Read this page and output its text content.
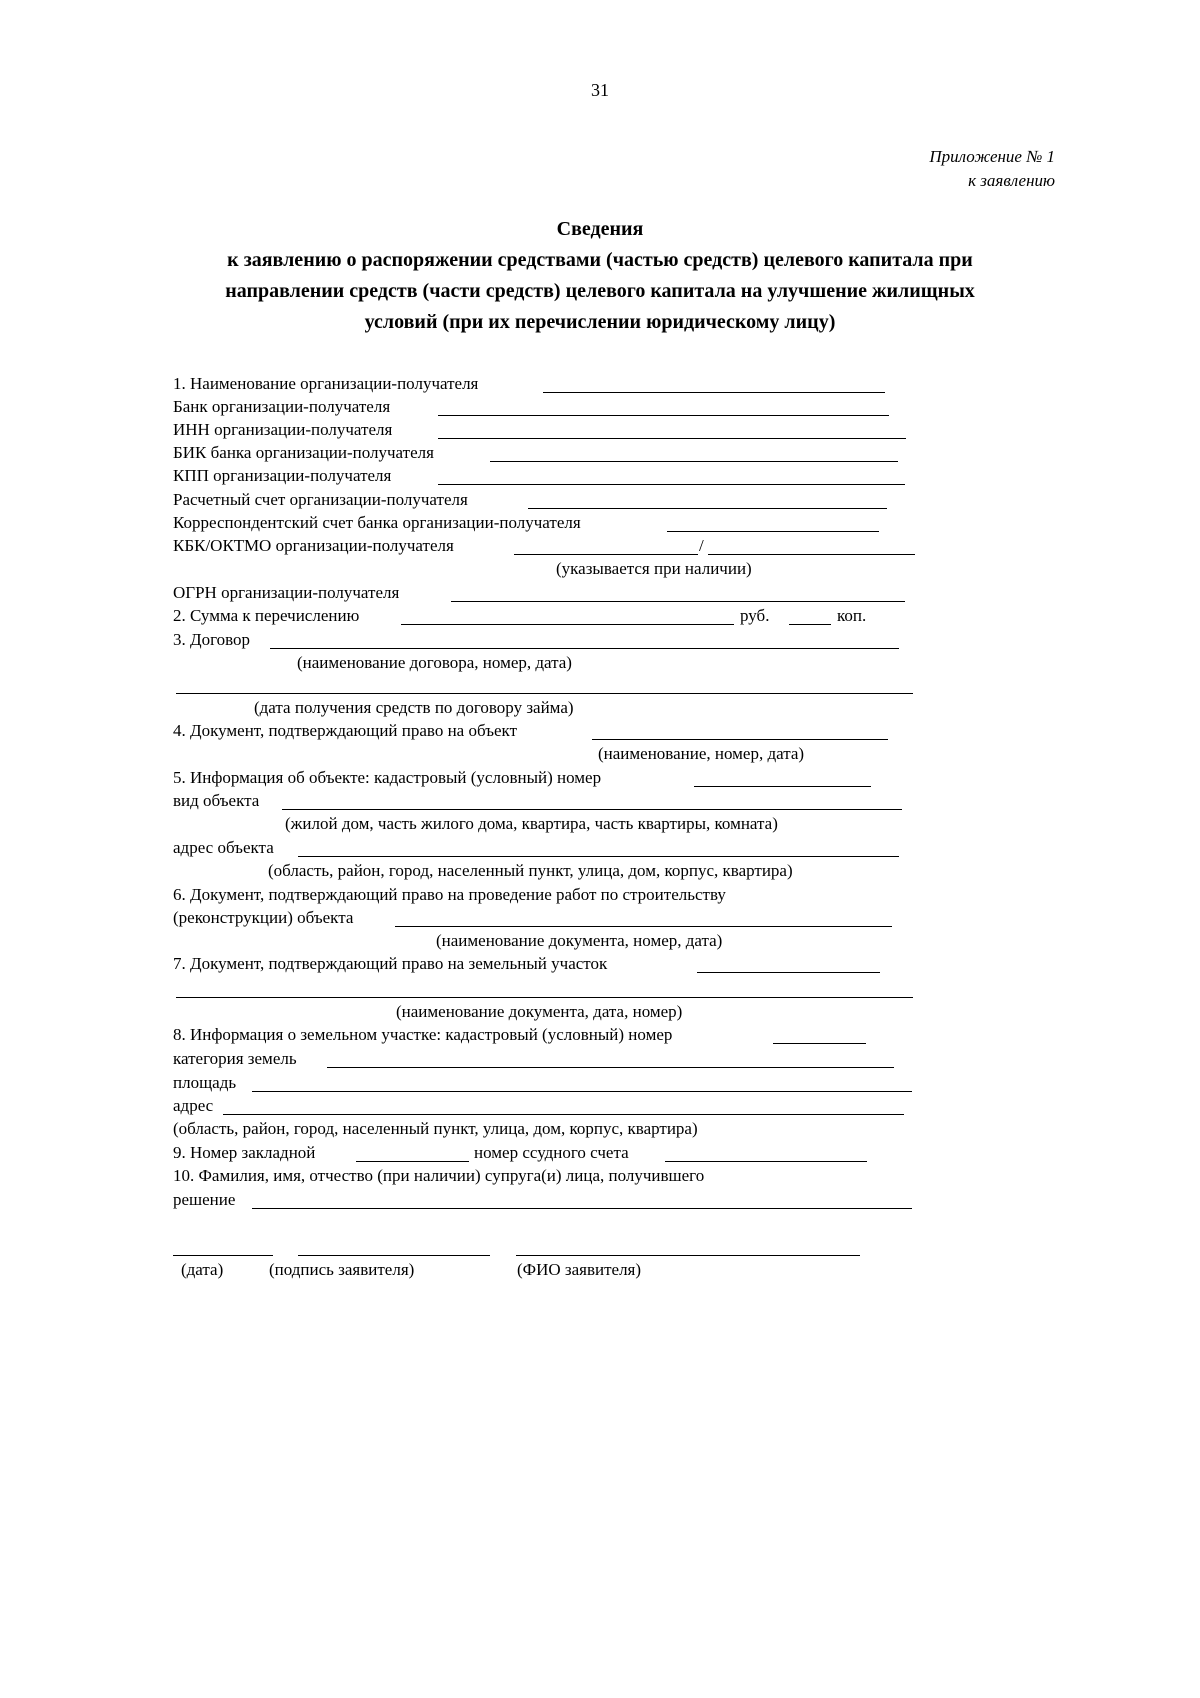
31
Приложение № 1
к заявлению
Сведения
к заявлению о распоряжении средствами (частью средств) целевого капитала при
направлении средств (части средств) целевого капитала на улучшение жилищных
условий (при их перечислении юридическому лицу)
1. Наименование организации-получателя
Банк организации-получателя
ИНН организации-получателя
БИК банка организации-получателя
КПП организации-получателя
Расчетный счет организации-получателя
Корреспондентский счет банка организации-получателя
КБК/ОКТМО организации-получателя	/
(указывается при наличии)
ОГРН организации-получателя
2. Сумма к перечислению	руб.	коп.
3. Договор
(наименование договора, номер, дата)
(дата получения средств по договору займа)
4. Документ, подтверждающий право на объект
(наименование, номер, дата)
5. Информация об объекте: кадастровый (условный) номер
вид объекта
(жилой дом, часть жилого дома, квартира, часть квартиры, комната)
адрес объекта
(область, район, город, населенный пункт, улица, дом, корпус, квартира)
6. Документ, подтверждающий право на проведение работ по строительству
(реконструкции) объекта
(наименование документа, номер, дата)
7. Документ, подтверждающий право на земельный участок
(наименование документа, дата, номер)
8. Информация о земельном участке: кадастровый (условный) номер
категория земель
площадь
адрес
(область, район, город, населенный пункт, улица, дом, корпус, квартира)
9. Номер закладной	номер ссудного счета
10. Фамилия, имя, отчество (при наличии) супруга(и) лица, получившего
решение
(дата)	(подпись заявителя)	(ФИО заявителя)
